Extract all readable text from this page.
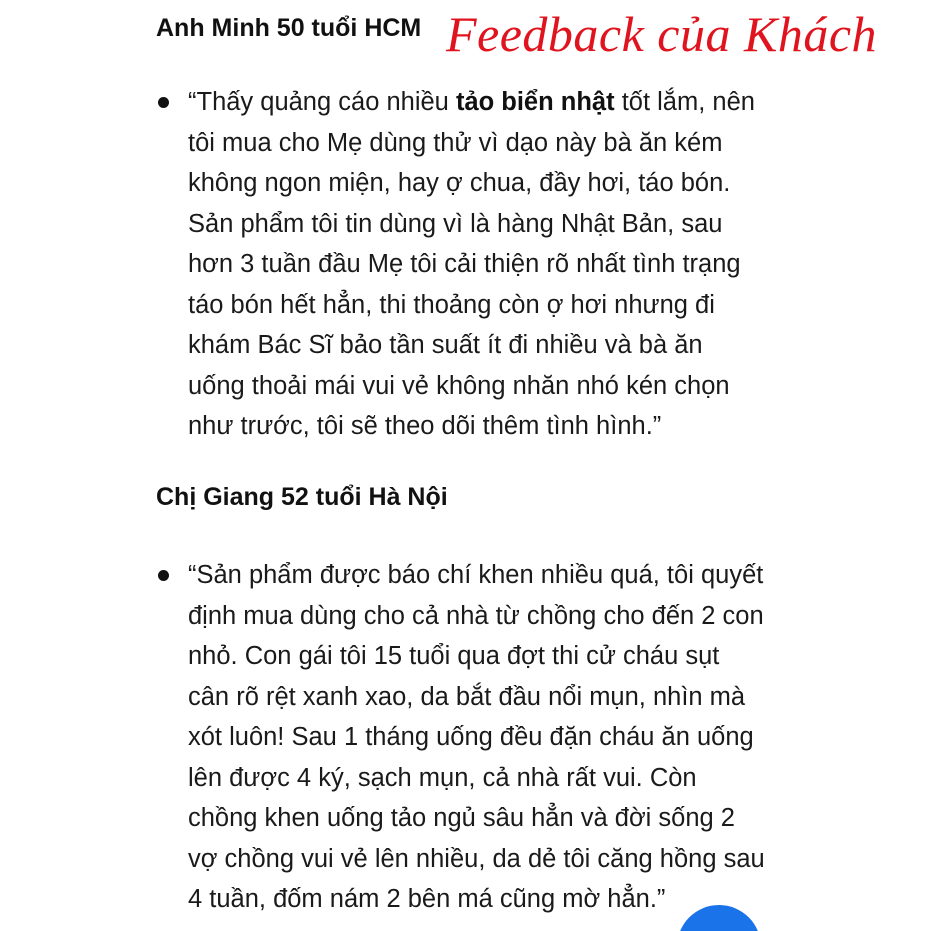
Anh Minh 50 tuổi HCM Feedback của Khách

“Thấy quảng cáo nhiều tảo biển nhật tốt lắm, nên
tôi mua cho Mẹ dùng thử vì dạo này bà ăn kém
không ngon miện, hay ợ chua, đầy hơi, táo bón.
Sản phẩm tôi tin dùng vì là hàng Nhật Bản, sau
hơn 3 tuần đầu Mẹ tôi cải thiện rõ nhất tình trạng
táo bón hết hẳn, thi thoảng còn ợ hơi nhưng đi
khám Bác Sĩ bảo tần suất ít đi nhiều và bà ăn
uống thoải mái vui vẻ không nhăn nhó kén chọn
như trước, tôi sẽ theo dõi thêm tình hình.”

Chị Giang 52 tuổi Hà Nội

“Sản phẩm được báo chí khen nhiều quá, tôi quyết
định mua dùng cho cả nhà từ chồng cho đến 2 con
nhỏ. Con gái tôi 15 tuổi qua đợt thi cử cháu sụt
cân rõ rệt xanh xao, da bắt đầu nổi mụn, nhìn mà
xót luôn! Sau 1 tháng uống đều đặn cháu ăn uống
lên được 4 ký, sạch mụn, cả nhà rất vui. Còn
chồng khen uống tảo ngủ sâu hẳn và đời sống 2
vợ chồng vui vẻ lên nhiều, da dẻ tôi căng hồng sau
4 tuần, đốm nám 2 bên má cũng mờ hẳn.”
